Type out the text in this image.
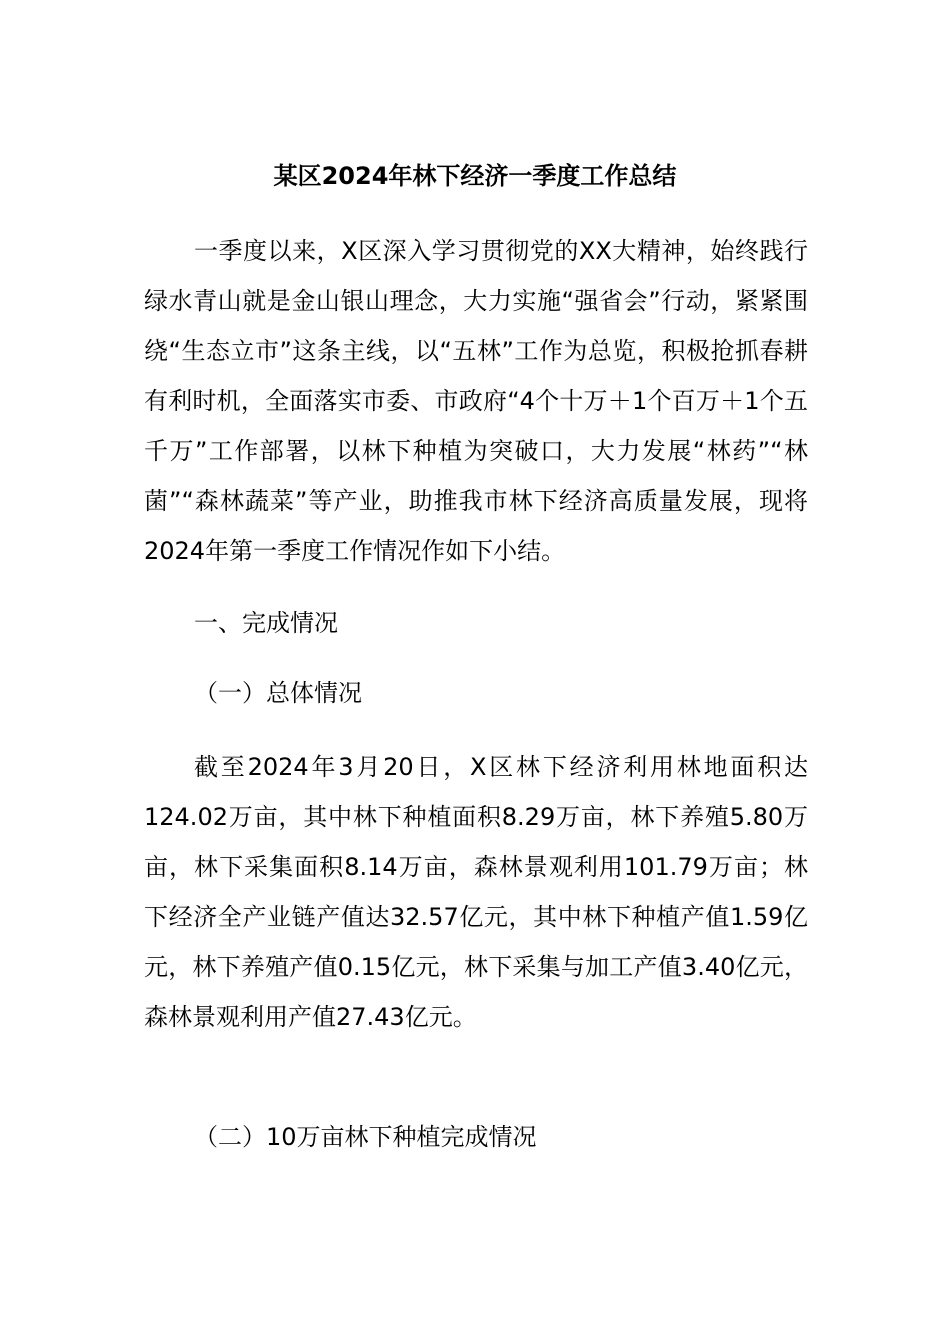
某区2024年林下经济一季度工作总结

一季度以来，X区深入学习贯彻党的XX大精神，始终践行绿水青山就是金山银山理念，大力实施“强省会”行动，紧紧围绕“生态立市”这条主线，以“五林”工作为总览，积极抢抓春耕有利时机，全面落实市委、市政府“4个十万＋1个百万＋1个五千万”工作部署，以林下种植为突破口，大力发展“林药”“林菌”“森林蔬菜”等产业，助推我市林下经济高质量发展，现将2024年第一季度工作情况作如下小结。

一、完成情况
（一）总体情况

截至2024年3月20日，X区林下经济利用林地面积达124.02万亩，其中林下种植面积8.29万亩，林下养殖5.80万亩，林下采集面积8.14万亩，森林景观利用101.79万亩；林下经济全产业链产值达32.57亿元，其中林下种植产值1.59亿元，林下养殖产值0.15亿元，林下采集与加工产值3.40亿元，森林景观利用产值27.43亿元。

（二）10万亩林下种植完成情况
